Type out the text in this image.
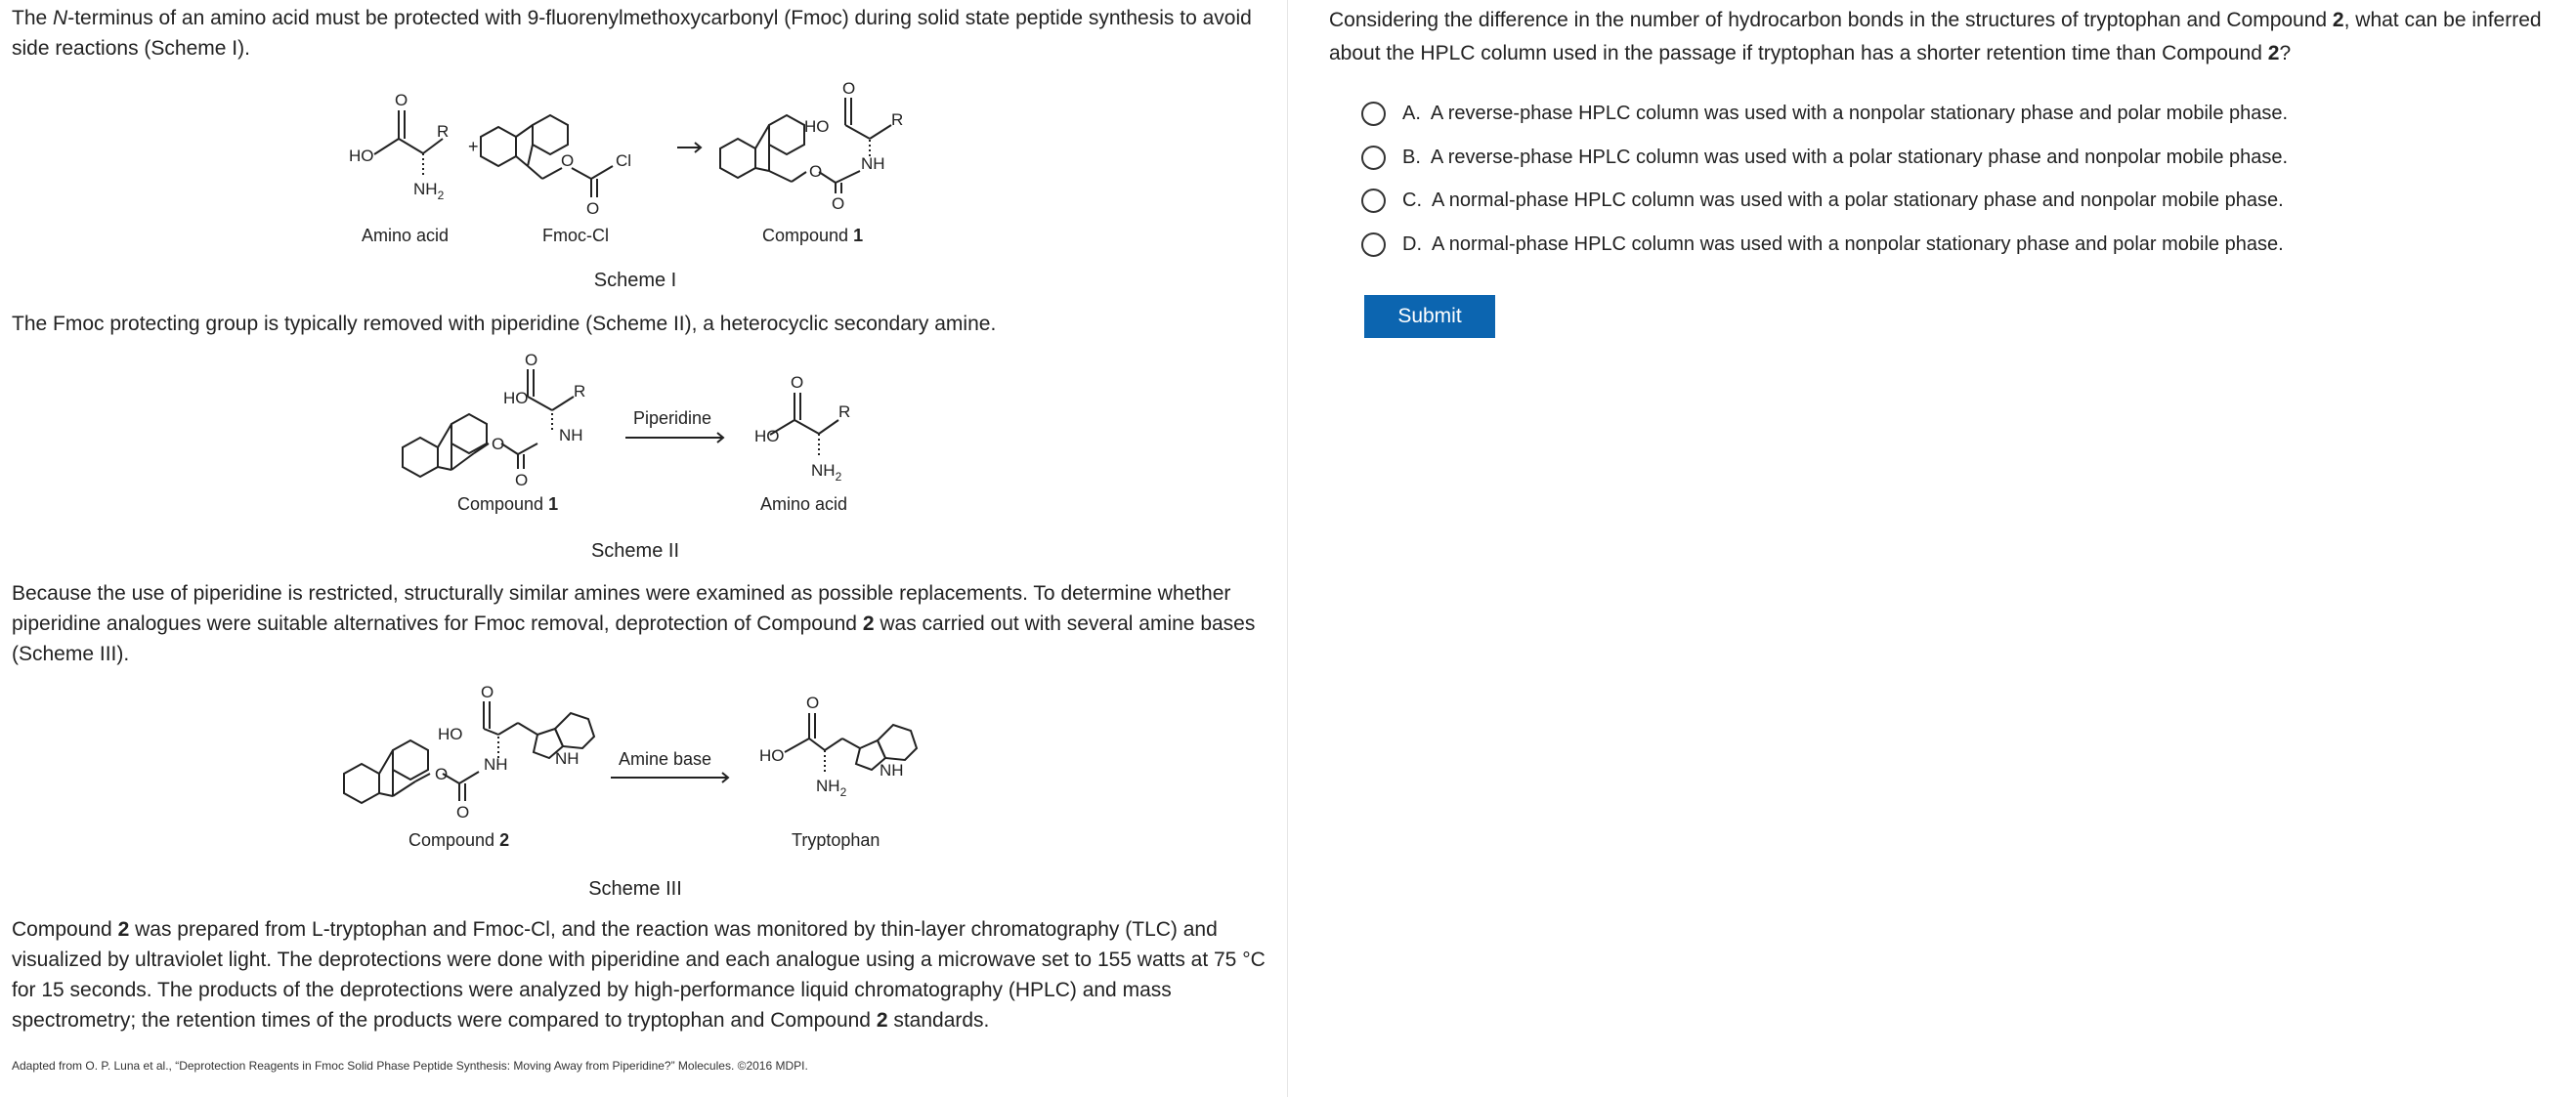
The N-terminus of an amino acid must be protected with 9-fluorenylmethoxycarbonyl (Fmoc) during solid state peptide synthesis to avoid side reactions (Scheme I).

HO
O
R
$NH_2$
+
O
O
Cl
HO
O
O
O
R
NH
Amino acid	Fmoc-Cl	Compound 1
Scheme I

The Fmoc protecting group is typically removed with piperidine (Scheme II), a heterocyclic secondary amine.

HO
O
O
O
R
NH
Piperidine
HO
O
R
$NH_2$
Compound 1	Amino acid
Scheme II

Because the use of piperidine is restricted, structurally similar amines were examined as possible replacements. To determine whether piperidine analogues were suitable alternatives for Fmoc removal, deprotection of Compound 2 was carried out with several amine bases (Scheme III).

HO
O
O
O
NH	NH Amine base	HO
O
$NH_2$
NH
Compound 2	Tryptophan
Scheme III

Compound 2 was prepared from L-tryptophan and Fmoc-Cl, and the reaction was monitored by thin-layer chromatography (TLC) and visualized by ultraviolet light. The deprotections were done with piperidine and each analogue using a microwave set to 155 watts at 75 °C for 15 seconds. The products of the deprotections were analyzed by high-performance liquid chromatography (HPLC) and mass spectrometry; the retention times of the products were compared to tryptophan and Compound 2 standards.

Adapted from O. P. Luna et al., “Deprotection Reagents in Fmoc Solid Phase Peptide Synthesis: Moving Away from Piperidine?” Molecules. ©2016 MDPI.

Considering the difference in the number of hydrocarbon bonds in the structures of tryptophan and Compound 2, what can be inferred about the HPLC column used in the passage if tryptophan has a shorter retention time than Compound 2?

A. A reverse-phase HPLC column was used with a nonpolar stationary phase and polar mobile phase.
B. A reverse-phase HPLC column was used with a polar stationary phase and nonpolar mobile phase.
C. A normal-phase HPLC column was used with a polar stationary phase and nonpolar mobile phase.
D. A normal-phase HPLC column was used with a nonpolar stationary phase and polar mobile phase.
Submit
